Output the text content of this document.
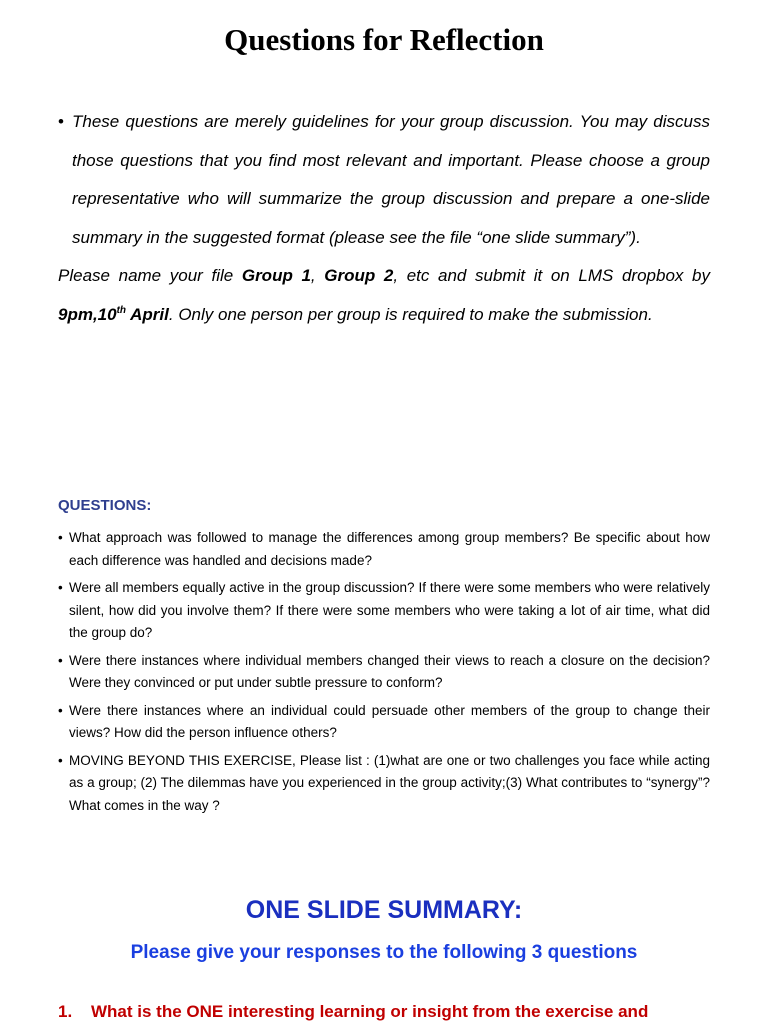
Questions for Reflection
• These questions are merely guidelines for your group discussion. You may discuss those questions that you find most relevant and important. Please choose a group representative who will summarize the group discussion and prepare a one-slide summary in the suggested format (please see the file “one slide summary”).

Please name your file Group 1, Group 2, etc and submit it on LMS dropbox by 9pm,10th April. Only one person per group is required to make the submission.

QUESTIONS:
• What approach was followed to manage the differences among group members? Be specific about how each difference was handled and decisions made?
• Were all members equally active in the group discussion? If there were some members who were relatively silent, how did you involve them? If there were some members who were taking a lot of air time, what did the group do?
• Were there instances where individual members changed their views to reach a closure on the decision? Were they convinced or put under subtle pressure to conform?
• Were there instances where an individual could persuade other members of the group to change their views? How did the person influence others?
• MOVING BEYOND THIS EXERCISE, Please list : (1)what are one or two challenges you face while acting as a group; (2) The dilemmas have you experienced in the group activity;(3) What contributes to “synergy”? What comes in the way ?
ONE SLIDE SUMMARY:
Please give your responses to the following 3 questions
1. What is the ONE interesting learning or insight from the exercise and
